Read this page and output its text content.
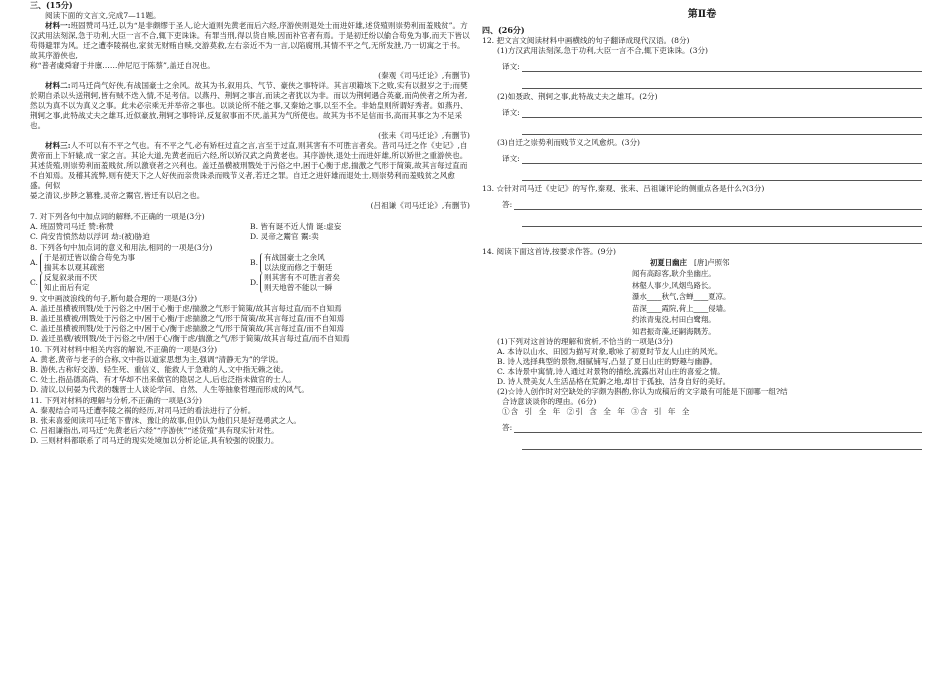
三、(15分)

阅读下面的文言文,完成7—11题。

材料一:班固赞司马迁,以为“是非颇缪于圣人,论大道则先黄老而后六经,序游侠则退处士而进奸雄,述货殖则崇势利而羞贱贫”。方汉武用法刻深,急于功利,大臣一言不合,辄下吏诛诛。有罪当刑,得以货自赎,因而补官者有焉。于是初迁纷以偷合苟免为事,而天下皆以苟得避罪为风。迁之遭李陵祸也,家贫无财贿自赎,交游莫救,左右亲近不为一言,以陷腐刑,其情不平之气,无所发泄,乃一切寓之于书。故其序游侠也,

称“普者虞舜窘于井廪……仲尼厄于陈蔡”,盖迁自况也。

(秦观《司马迁论》,有删节)

材料二:司马迁尚气好侠,有战国豪士之余风。故其为书,叙用兵、气节、豪侠之事特详。其言项籍垓下之败,实有以报岁之于;而樊於期自杀以头送荆轲,皆有贼不迭入情,不足考信。以燕丹、荆轲之事言,而读之者犹以为非。而以为荆轲遇合英豪,而尚侠者之所为者,然以为真不以为真义之事。此未必宗乘无并举帝之事也。以谈论所不能之事,又秦始之事,以至不全。非始皇则所谓好秀者。如燕丹、荆轲之事,此特战丈夫之雄耳,近似豪放,荆轲之事特详,反复叙事而不厌,盖其为气所使也。故其为书不足信而书,高而其事之为不足采也。

(张耒《司马迁论》,有删节)

材料三:人不可以有不平之气也。有不平之气,必有矫枉过直之言,言至于过直,则其害有不可胜言者矣。昔司马迁之作《史记》,自黄帝而上下轩辕,成一家之言。其论大道,先黄老而后六经,所以矫汉武之尚黄老也。其序游侠,退处士而进奸雄,所以矫世之重游侠也。其述货殖,则崇势利而羞贱贫,所以激衰者之兴利也。盖迁虽横被刑戮处于污俗之中,困于心衡于虑,揣激之气形于简策,故其言每过直而不自知焉。及稽其流弊,则有使天下之人好侠而亲贵诛杀而贱节义者,若迁之罪。自迁之进奸雄而退处士,则崇势利而羞贱贫之风愈盛。何似

晏之清议,步陟之篡雅,灵帝之鬻官,皆迁有以启之也。

(吕祖谦《司马迁论》,有删节)

7. 对下列各句中加点词的解释,不正确的一项是(3分)

A. 班固赞司马迁 赞:称赞	B. 皆有诞不近人情 诞:虚妄
C. 尚安肯愤然劫以浮诃 劫:(被)胁迫	D. 灵帝之鬻官 鬻:卖

8. 下列各句中加点词的意义和用法,相同的一项是(3分)

A.
于是初迁皆以偷合苟免为事
揣其本以观其疏密
B.
有战国豪士之余风
以法度而修之于朝廷
C.
反复叙录而不厌
知止而后有定
D.
则其害有不可胜言者矣
则天地曾不能以一瞬

9. 文中画波浪线的句子,断句最合理的一项是(3分)

A. 盖迁虽横被刑戮/处于污俗之中/困于心衡于虑/揣激之气形于简策/故其言每过直/而不自知焉

B. 盖迁虽横被/刑戮处于污俗之中/困于心衡/于虑揣激之气/形于简策/故其言每过直/而不自知焉

C. 盖迁虽横被刑戮/处于污俗之中/困于心/衡于虑揣激之气/形于简策故/其言每过直/而不自知焉

D. 盖迁虽横/被刑戮/处于污俗之中/困于心/衡于虑/揣激之气/形于简策/故其言每过直/而不自知焉

10. 下列对材料中相关内容的解说,不正确的一项是(3分)

A. 黄老,黄帝与老子的合称,文中指以道家思想为主,强调“清静无为”的学说。

B. 游侠,古称好交游、轻生死、重信义、能救人于急难的人,文中指无赖之徒。

C. 处士,指品德高尚、有才华却不出来做官的隐居之人,后也泛指未做官的士人。

D. 清议,以何晏为代表的魏晋士人谈论学问、自然、人生等抽象哲理而形成的风气。

11. 下列对材料的理解与分析,不正确的一项是(3分)

A. 秦观结合司马迁遭李陵之祸的经历,对司马迁的看法进行了分析。

B. 张耒喜爱阅读司马迁笔下曹沫、豫让的故事,但仍认为他们只是好逞勇武之人。

C. 吕祖谦指出,司马迁“先黄老后六经”“序游侠”“述货殖”具有现实针对性。

D. 三则材料都联系了司马迁的现实处境加以分析论证,具有较强的说服力。

第Ⅱ卷

四、(26分)

12. 把文言文阅读材料中画横线的句子翻译成现代汉语。(8分)

(1)方汉武用法刻深,急于功利,大臣一言不合,辄下吏诛诛。(3分)

译文:

(2)如聂政、荆轲之事,此特战丈夫之雄耳。(2分)

译文:

(3)自迁之崇势利而贱节义之风愈炽。(3分)

译文:

13. ☆针对司马迁《史记》的写作,秦观、张耒、吕祖谦评论的侧重点各是什么?(3分)

答:

14. 阅读下面这首诗,按要求作答。(9分)

初夏日幽庄 [唐]卢照邻
闻有高踪客,耿介坐幽庄。
林壑人事少,风烟鸟路长。
瀑水____秋气,含蝉____夏凉。
苗深____霞院,荷上____侵墙。
约浓青鬼没,村田白鹭翔。
知君振奇藻,还嗣海隅芳。

(1)下列对这首诗的理解和赏析,不恰当的一项是(3分)

A. 本诗以山水、田园为描写对象,歌咏了初夏时节友人山庄的风光。

B. 诗人选择典型的景物,细腻铺写,凸显了夏日山庄的野趣与幽静。

C. 本诗景中寓情,诗人通过对景物的描绘,流露出对山庄的喜爱之情。

D. 诗人赞美友人生活品格在荒僻之地,却甘于孤独、洁身自好的美好。

(2)☆诗人创作时对空缺处的字颇为斟酌,你认为成稿后的文字最有可能是下面哪一组?结

合诗意谈谈你的理由。(6分)

①含 引 全 年 ②引 含 全 年 ③含 引 年 全

答:
